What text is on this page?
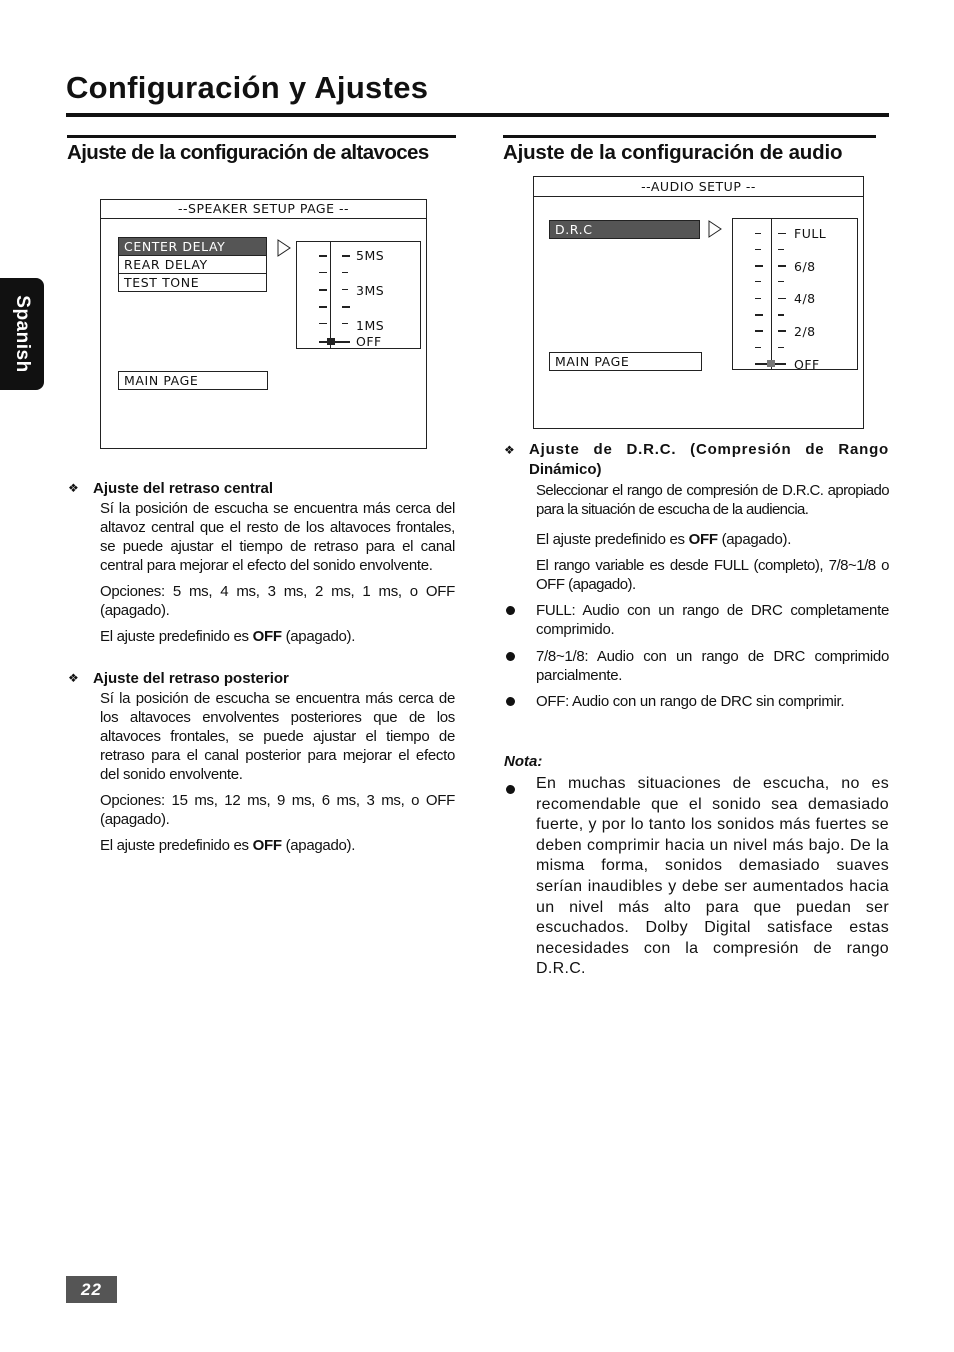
Configuración y Ajustes
Spanish
Ajuste de la configuración de altavoces
--SPEAKER SETUP PAGE --
CENTER DELAY
REAR DELAY
TEST TONE
5MS
3MS
1MS
OFF
MAIN PAGE
❖ Ajuste del retraso central
Sí la posición de escucha se encuentra más cerca del altavoz central que el resto de los altavoces frontales, se puede ajustar el tiempo de retraso para el canal central para mejorar el efecto del sonido envolvente.
Opciones: 5 ms, 4 ms, 3 ms, 2 ms, 1 ms, o OFF (apagado).
El ajuste predefinido es OFF (apagado).
❖ Ajuste del retraso posterior
Sí la posición de escucha se encuentra más cerca de los altavoces envolventes posteriores que de los altavoces frontales, se puede ajustar el tiempo de retraso para el canal posterior para mejorar el efecto del sonido envolvente.
Opciones: 15 ms, 12 ms, 9 ms, 6 ms, 3 ms, o OFF (apagado).
El ajuste predefinido es OFF (apagado).
Ajuste de la configuración de audio
--AUDIO SETUP --
D.R.C	FULL
6/8
4/8
2/8
OFF
MAIN PAGE
❖ Ajuste de D.R.C. (Compresión de Rango
Dinámico)
Seleccionar el rango de compresión de D.R.C. apropiado para la situación de escucha de la audiencia.
El ajuste predefinido es OFF (apagado).
El rango variable es desde FULL (completo), 7/8~1/8 o OFF (apagado).
FULL: Audio con un rango de DRC completamente comprimido.
7/8~1/8: Audio con un rango de DRC comprimido parcialmente.
OFF: Audio con un rango de DRC sin comprimir.
Nota:
En muchas situaciones de escucha, no es recomendable que el sonido sea demasiado fuerte, y por lo tanto los sonidos más fuertes se deben comprimir hacia un nivel más bajo. De la misma forma, sonidos demasiado suaves serían inaudibles y debe ser aumentados hacia un nivel más alto para que puedan ser escuchados. Dolby Digital satisface estas necesidades con la compresión de rango D.R.C.
22
